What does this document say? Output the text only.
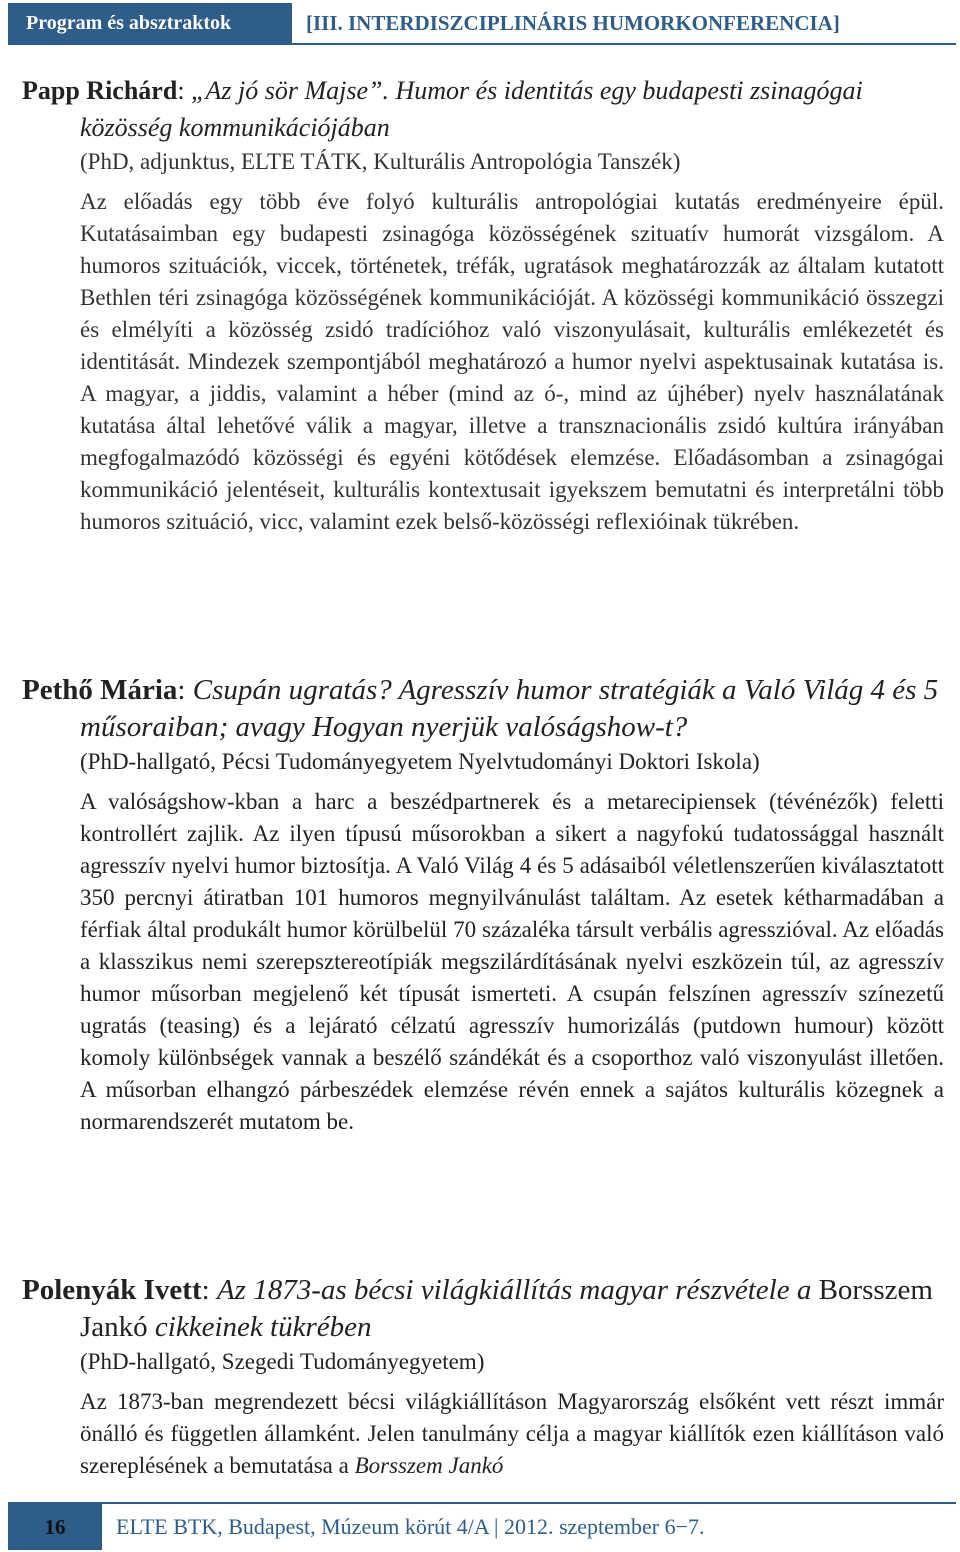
Program és absztraktok	[III. INTERDISZCIPLINÁRIS HUMORKONFERENCIA]

Papp Richárd: „Az jó sör Majse”. Humor és identitás egy budapesti zsinagógai közösség kommunikációjában

(PhD, adjunktus, ELTE TÁTK, Kulturális Antropológia Tanszék)

Az előadás egy több éve folyó kulturális antropológiai kutatás eredményeire épül. Kutatásaimban egy budapesti zsinagóga közösségének szituatív humorát vizsgálom. A humoros szituációk, viccek, történetek, tréfák, ugratások meghatározzák az általam kutatott Bethlen téri zsinagóga közösségének kommunikációját. A közösségi kommunikáció összegzi és elmélyíti a közösség zsidó tradícióhoz való viszonyulásait, kulturális emlékezetét és identitását. Mindezek szempontjából meghatározó a humor nyelvi aspektusainak kutatása is. A magyar, a jiddis, valamint a héber (mind az ó-, mind az újhéber) nyelv használatának kutatása által lehetővé válik a magyar, illetve a transznacionális zsidó kultúra irányában megfogalmazódó közösségi és egyéni kötődések elemzése. Előadásomban a zsinagógai kommunikáció jelentéseit, kulturális kontextusait igyekszem bemutatni és interpretálni több humoros szituáció, vicc, valamint ezek belső-közösségi reflexióinak tükrében.

Pethő Mária: Csupán ugratás? Agresszív humor stratégiák a Való Világ 4 és 5 műsoraiban; avagy Hogyan nyerjük valóságshow-t?

(PhD-hallgató, Pécsi Tudományegyetem Nyelvtudományi Doktori Iskola)

A valóságshow-kban a harc a beszédpartnerek és a metarecipiensek (tévénézők) feletti kontrollért zajlik. Az ilyen típusú műsorokban a sikert a nagyfokú tudatossággal használt agresszív nyelvi humor biztosítja. A Való Világ 4 és 5 adásaiból véletlenszerűen kiválasztatott 350 percnyi átiratban 101 humoros megnyilvánulást találtam. Az esetek kétharmadában a férfiak által produkált humor körülbelül 70 százaléka társult verbális agresszióval. Az előadás a klasszikus nemi szerepsztereotípiák megszilárdításának nyelvi eszközein túl, az agresszív humor műsorban megjelenő két típusát ismerteti. A csupán felszínen agresszív színezetű ugratás (teasing) és a lejárató célzatú agresszív humorizálás (putdown humour) között komoly különbségek vannak a beszélő szándékát és a csoporthoz való viszonyulást illetően. A műsorban elhangzó párbeszédek elemzése révén ennek a sajátos kulturális közegnek a normarendszerét mutatom be.

Polenyák Ivett: Az 1873-as bécsi világkiállítás magyar részvétele a Borsszem Jankó cikkeinek tükrében

(PhD-hallgató, Szegedi Tudományegyetem)

Az 1873-ban megrendezett bécsi világkiállításon Magyarország elsőként vett részt immár önálló és független államként. Jelen tanulmány célja a magyar kiállítók ezen kiállításon való szereplésének a bemutatása a Borsszem Jankó

16	ELTE BTK, Budapest, Múzeum körút 4/A | 2012. szeptember 6−7.
